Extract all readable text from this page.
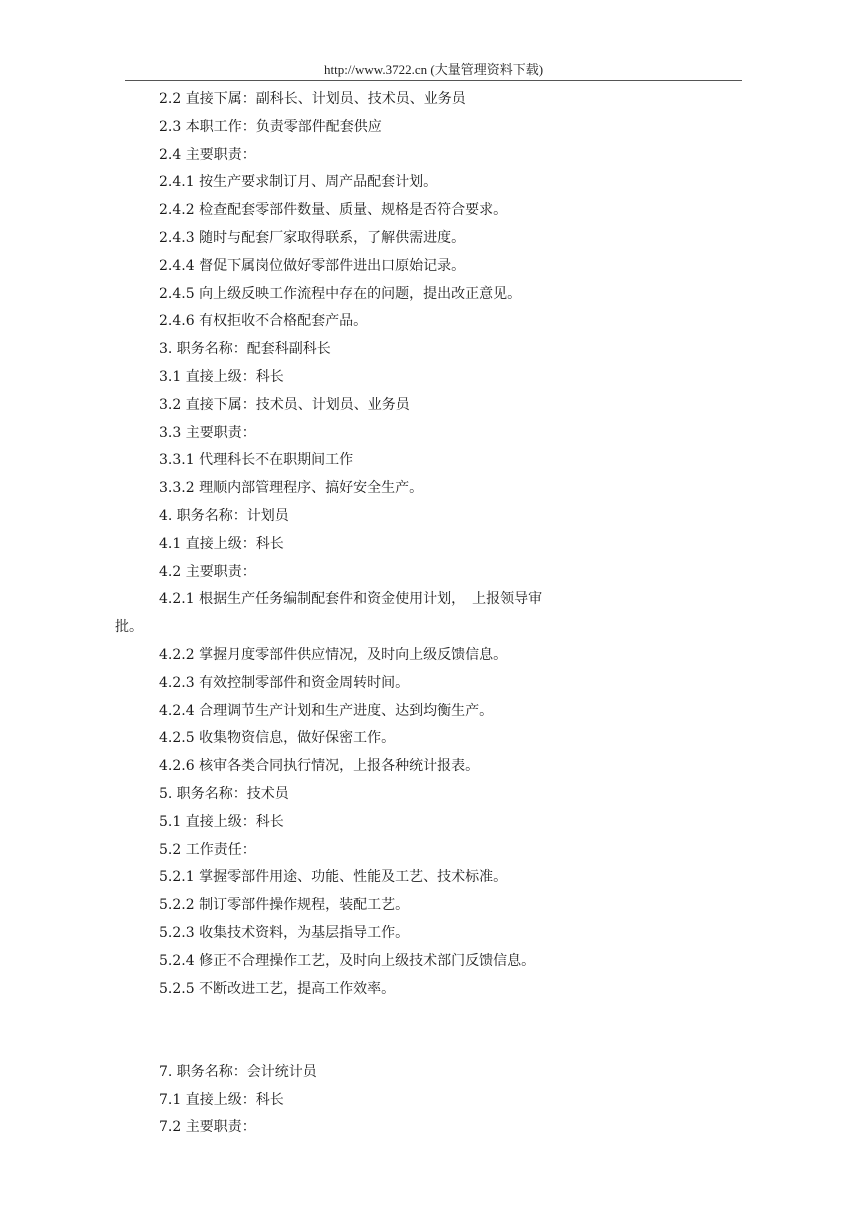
http://www.3722.cn (大量管理资料下载)
2.2 直接下属：副科长、计划员、技术员、业务员
2.3 本职工作：负责零部件配套供应
2.4 主要职责：
2.4.1 按生产要求制订月、周产品配套计划。
2.4.2 检查配套零部件数量、质量、规格是否符合要求。
2.4.3 随时与配套厂家取得联系，了解供需进度。
2.4.4 督促下属岗位做好零部件进出口原始记录。
2.4.5 向上级反映工作流程中存在的问题，提出改正意见。
2.4.6 有权拒收不合格配套产品。
3. 职务名称：配套科副科长
3.1 直接上级：科长
3.2 直接下属：技术员、计划员、业务员
3.3 主要职责：
3.3.1 代理科长不在职期间工作
3.3.2 理顺内部管理程序、搞好安全生产。
4. 职务名称：计划员
4.1 直接上级：科长
4.2 主要职责：
4.2.1 根据生产任务编制配套件和资金使用计划，　上报领导审
批。
4.2.2 掌握月度零部件供应情况，及时向上级反馈信息。
4.2.3 有效控制零部件和资金周转时间。
4.2.4 合理调节生产计划和生产进度、达到均衡生产。
4.2.5 收集物资信息，做好保密工作。
4.2.6 核审各类合同执行情况，上报各种统计报表。
5. 职务名称：技术员
5.1 直接上级：科长
5.2 工作责任：
5.2.1 掌握零部件用途、功能、性能及工艺、技术标准。
5.2.2 制订零部件操作规程，装配工艺。
5.2.3 收集技术资料，为基层指导工作。
5.2.4 修正不合理操作工艺，及时向上级技术部门反馈信息。
5.2.5 不断改进工艺，提高工作效率。
7. 职务名称：会计统计员
7.1 直接上级：科长
7.2 主要职责：
